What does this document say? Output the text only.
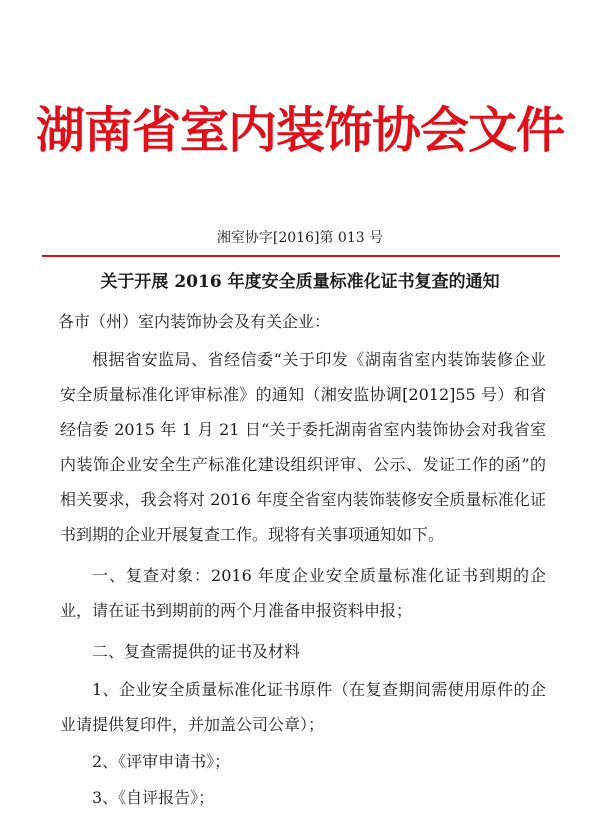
湖南省室内装饰协会文件
湘室协字[2016]第 013 号
关于开展 2016 年度安全质量标准化证书复查的通知
各市（州）室内装饰协会及有关企业：
根据省安监局、省经信委“关于印发《湖南省室内装饰装修企业安全质量标准化评审标准》的通知（湘安监协调[2012]55 号）和省经信委 2015 年 1 月 21 日“关于委托湖南省室内装饰协会对我省室内装饰企业安全生产标准化建设组织评审、公示、发证工作的函”的相关要求，我会将对 2016 年度全省室内装饰装修安全质量标准化证书到期的企业开展复查工作。现将有关事项通知如下。
一、复查对象：2016 年度企业安全质量标准化证书到期的企业，请在证书到期前的两个月准备申报资料申报；
二、复查需提供的证书及材料
1、企业安全质量标准化证书原件（在复查期间需使用原件的企业请提供复印件，并加盖公司公章）；
2、《评审申请书》；
3、《自评报告》；
